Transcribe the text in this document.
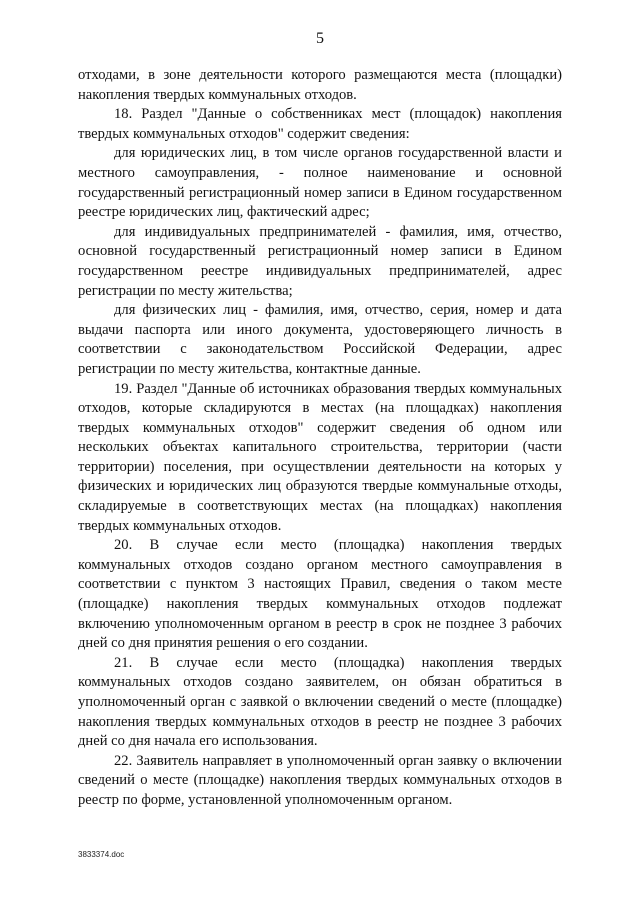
5

отходами, в зоне деятельности которого размещаются места (площадки) накопления твердых коммунальных отходов.

18. Раздел "Данные о собственниках мест (площадок) накопления твердых коммунальных отходов" содержит сведения:

для юридических лиц, в том числе органов государственной власти и местного самоуправления, - полное наименование и основной государственный регистрационный номер записи в Едином государственном реестре юридических лиц, фактический адрес;

для индивидуальных предпринимателей - фамилия, имя, отчество, основной государственный регистрационный номер записи в Едином государственном реестре индивидуальных предпринимателей, адрес регистрации по месту жительства;

для физических лиц - фамилия, имя, отчество, серия, номер и дата выдачи паспорта или иного документа, удостоверяющего личность в соответствии с законодательством Российской Федерации, адрес регистрации по месту жительства, контактные данные.

19. Раздел "Данные об источниках образования твердых коммунальных отходов, которые складируются в местах (на площадках) накопления твердых коммунальных отходов" содержит сведения об одном или нескольких объектах капитального строительства, территории (части территории) поселения, при осуществлении деятельности на которых у физических и юридических лиц образуются твердые коммунальные отходы, складируемые в соответствующих местах (на площадках) накопления твердых коммунальных отходов.

20. В случае если место (площадка) накопления твердых коммунальных отходов создано органом местного самоуправления в соответствии с пунктом 3 настоящих Правил, сведения о таком месте (площадке) накопления твердых коммунальных отходов подлежат включению уполномоченным органом в реестр в срок не позднее 3 рабочих дней со дня принятия решения о его создании.

21. В случае если место (площадка) накопления твердых коммунальных отходов создано заявителем, он обязан обратиться в уполномоченный орган с заявкой о включении сведений о месте (площадке) накопления твердых коммунальных отходов в реестр не позднее 3 рабочих дней со дня начала его использования.

22. Заявитель направляет в уполномоченный орган заявку о включении сведений о месте (площадке) накопления твердых коммунальных отходов в реестр по форме, установленной уполномоченным органом.

3833374.doc
